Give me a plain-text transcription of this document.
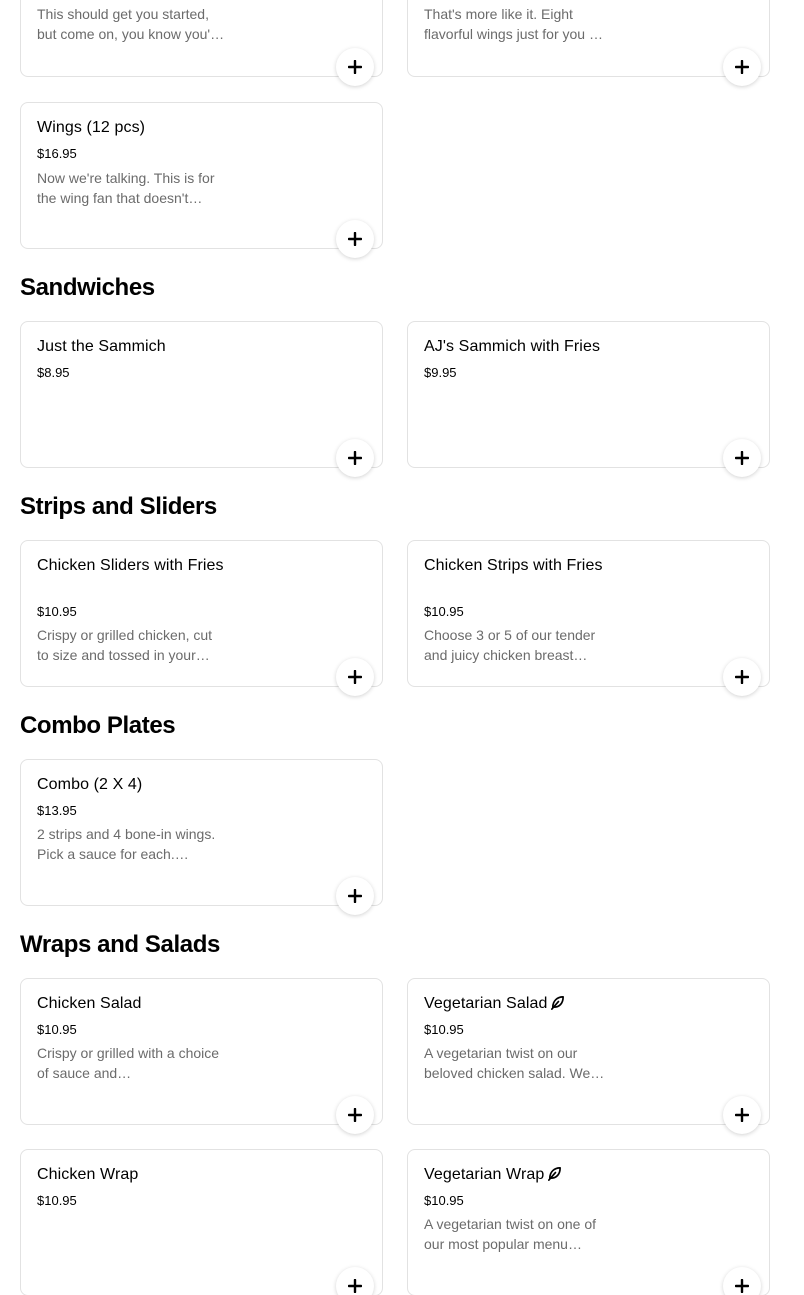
This should get you started, but come on, you know you'…
That's more like it. Eight flavorful wings just for you …
Wings (12 pcs)
$16.95
Now we're talking. This is for the wing fan that doesn't…
Sandwiches
Just the Sammich
$8.95
AJ's Sammich with Fries
$9.95
Strips and Sliders
Chicken Sliders with Fries
$10.95
Crispy or grilled chicken, cut to size and tossed in your…
Chicken Strips with Fries
$10.95
Choose 3 or 5 of our tender and juicy chicken breast…
Combo Plates
Combo (2 X 4)
$13.95
2 strips and 4 bone-in wings. Pick a sauce for each.…
Wraps and Salads
Chicken Salad
$10.95
Crispy or grilled with a choice of sauce and…
Vegetarian Salad
$10.95
A vegetarian twist on our beloved chicken salad. We…
Chicken Wrap
$10.95
Vegetarian Wrap
$10.95
A vegetarian twist on one of our most popular menu…
